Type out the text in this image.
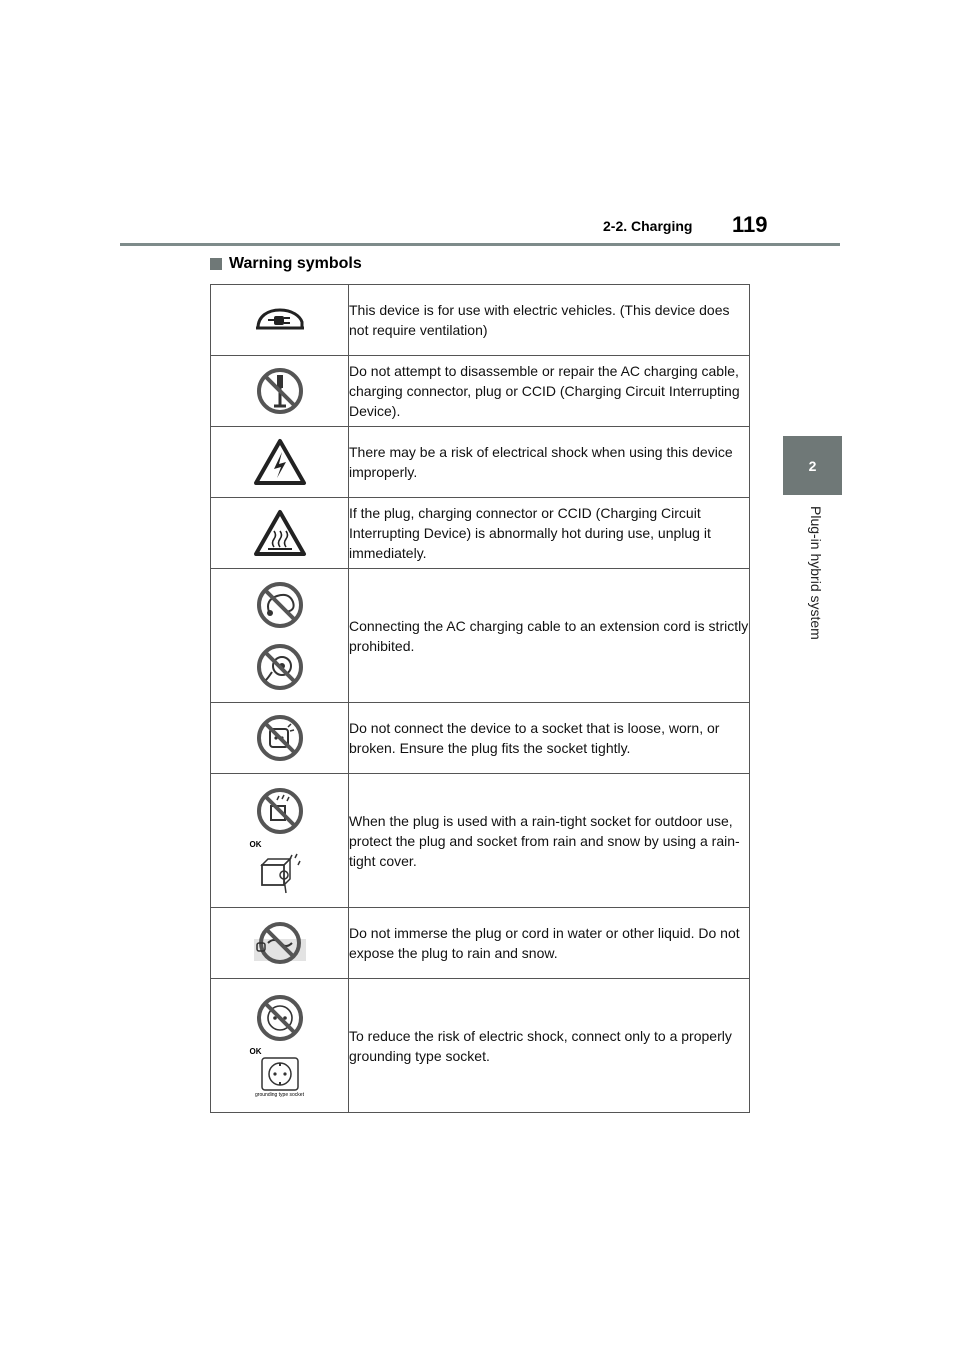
2-2. Charging 119
2
Plug-in hybrid system
Warning symbols
	This device is for use with electric vehicles. (This device does not require ventilation)

	Do not attempt to disassemble or repair the AC charging cable, charging connector, plug or CCID (Charging Circuit Interrupting Device).

	There may be a risk of electrical shock when using this device improperly.

	If the plug, charging connector or CCID (Charging Circuit Interrupting Device) is abnormally hot during use, unplug it immediately.

	Connecting the AC charging cable to an extension cord is strictly prohibited.

	Do not connect the device to a socket that is loose, worn, or broken. Ensure the plug fits the socket tightly.

OK	When the plug is used with a rain-tight socket for outdoor use, protect the plug and socket from rain and snow by using a rain-tight cover.

	Do not immerse the plug or cord in water or other liquid. Do not expose the plug to rain and snow.

OK
grounding type socket	To reduce the risk of electric shock, connect only to a properly grounding type socket.
